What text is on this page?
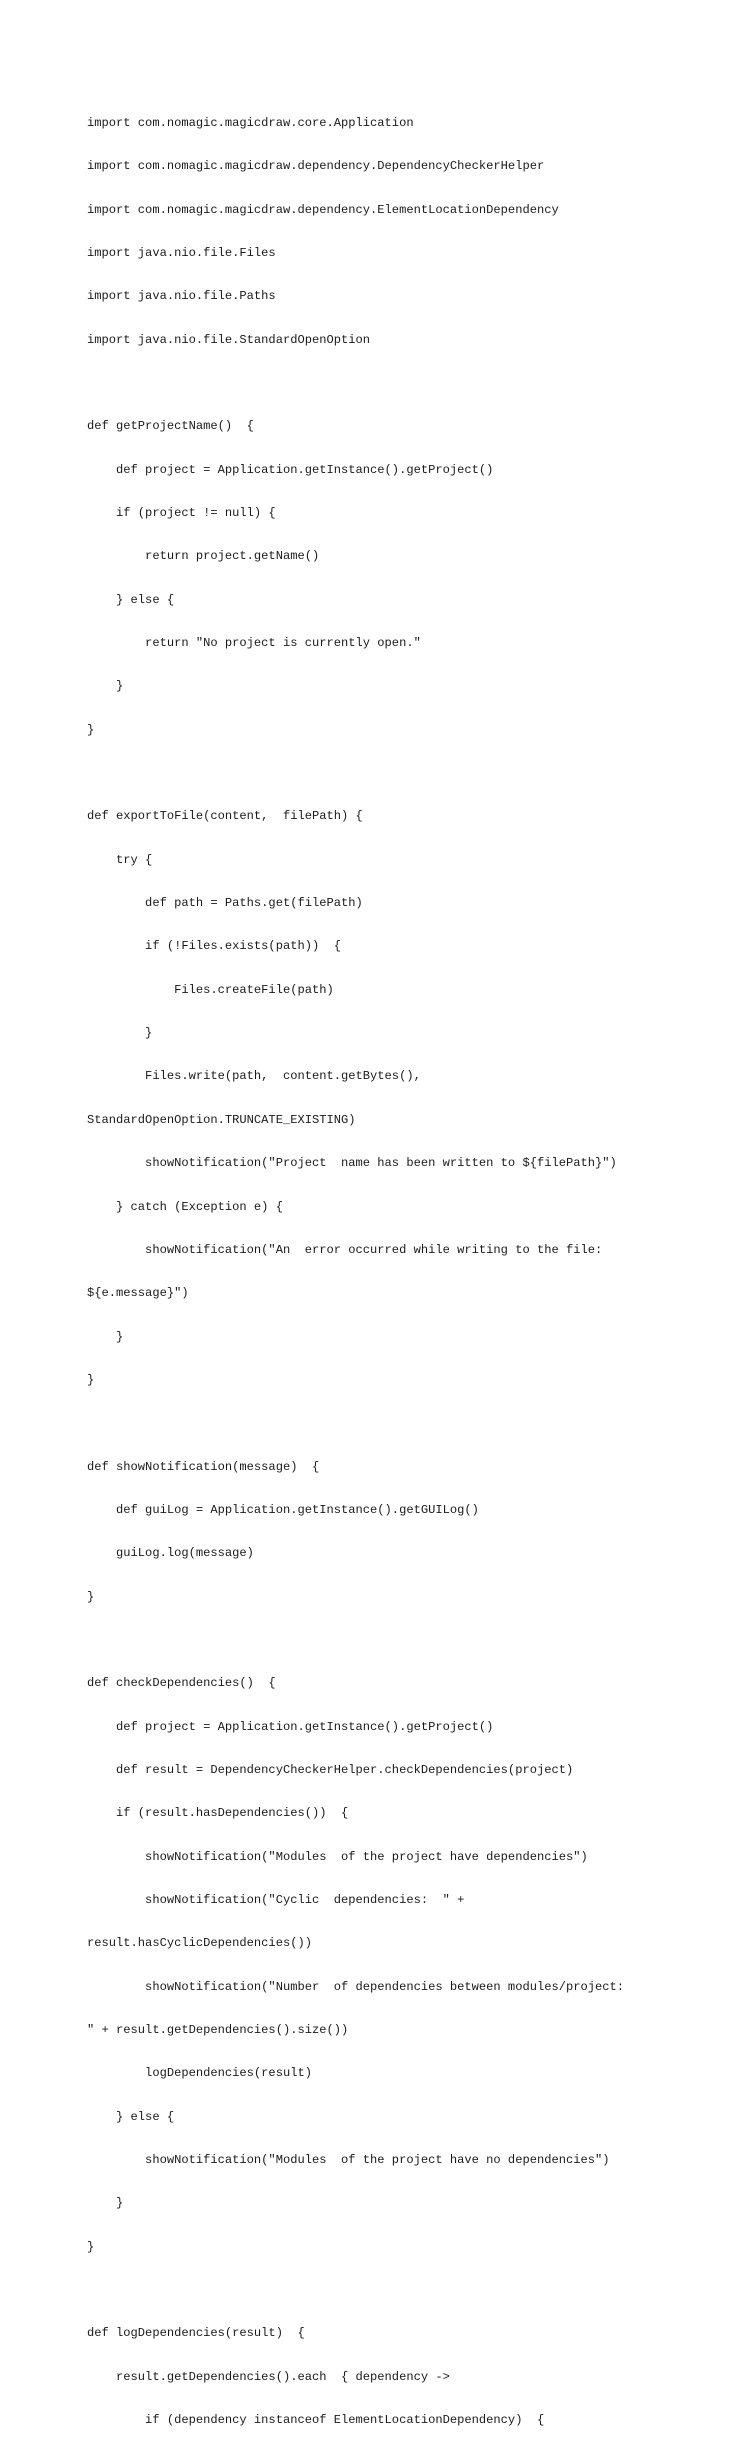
import com.nomagic.magicdraw.core.Application

import com.nomagic.magicdraw.dependency.DependencyCheckerHelper

import com.nomagic.magicdraw.dependency.ElementLocationDependency

import java.nio.file.Files

import java.nio.file.Paths

import java.nio.file.StandardOpenOption

def getProjectName()  {

def project = Application.getInstance().getProject()

if (project != null) {

return project.getName()

} else {

return "No project is currently open."

}

}

def exportToFile(content,  filePath) {

try {

def path = Paths.get(filePath)

if (!Files.exists(path))  {

Files.createFile(path)

}

Files.write(path,  content.getBytes(),

StandardOpenOption.TRUNCATE_EXISTING)

showNotification("Project  name has been written to ${filePath}")

} catch (Exception e) {

showNotification("An  error occurred while writing to the file:

${e.message}")

}

}

def showNotification(message)  {

def guiLog = Application.getInstance().getGUILog()

guiLog.log(message)

}

def checkDependencies()  {

def project = Application.getInstance().getProject()

def result = DependencyCheckerHelper.checkDependencies(project)

if (result.hasDependencies())  {

showNotification("Modules  of the project have dependencies")

showNotification("Cyclic  dependencies:  " +

result.hasCyclicDependencies())

showNotification("Number  of dependencies between modules/project:

" + result.getDependencies().size())

logDependencies(result)

} else {

showNotification("Modules  of the project have no dependencies")

}

}

def logDependencies(result)  {

result.getDependencies().each  { dependency ->

if (dependency instanceof ElementLocationDependency)  {
